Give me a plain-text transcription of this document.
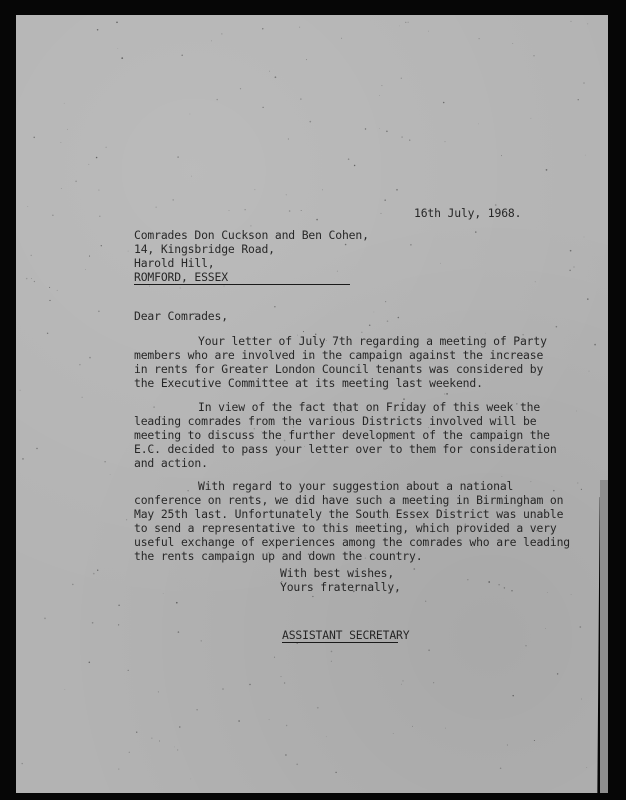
16th July, 1968.
Comrades Don Cuckson and Ben Cohen,
14, Kingsbridge Road,
Harold Hill,
ROMFORD, ESSEX
Dear Comrades,
Your letter of July 7th regarding a meeting of Party
members who are involved in the campaign against the increase
in rents for Greater London Council tenants was considered by
the Executive Committee at its meeting last weekend.
In view of the fact that on Friday of this week the
leading comrades from the various Districts involved will be
meeting to discuss the further development of the campaign the
E.C. decided to pass your letter over to them for consideration
and action.
With regard to your suggestion about a national
conference on rents, we did have such a meeting in Birmingham on
May 25th last. Unfortunately the South Essex District was unable
to send a representative to this meeting, which provided a very
useful exchange of experiences among the comrades who are leading
the rents campaign up and down the country.
With best wishes,
Yours fraternally,
ASSISTANT SECRETARY
